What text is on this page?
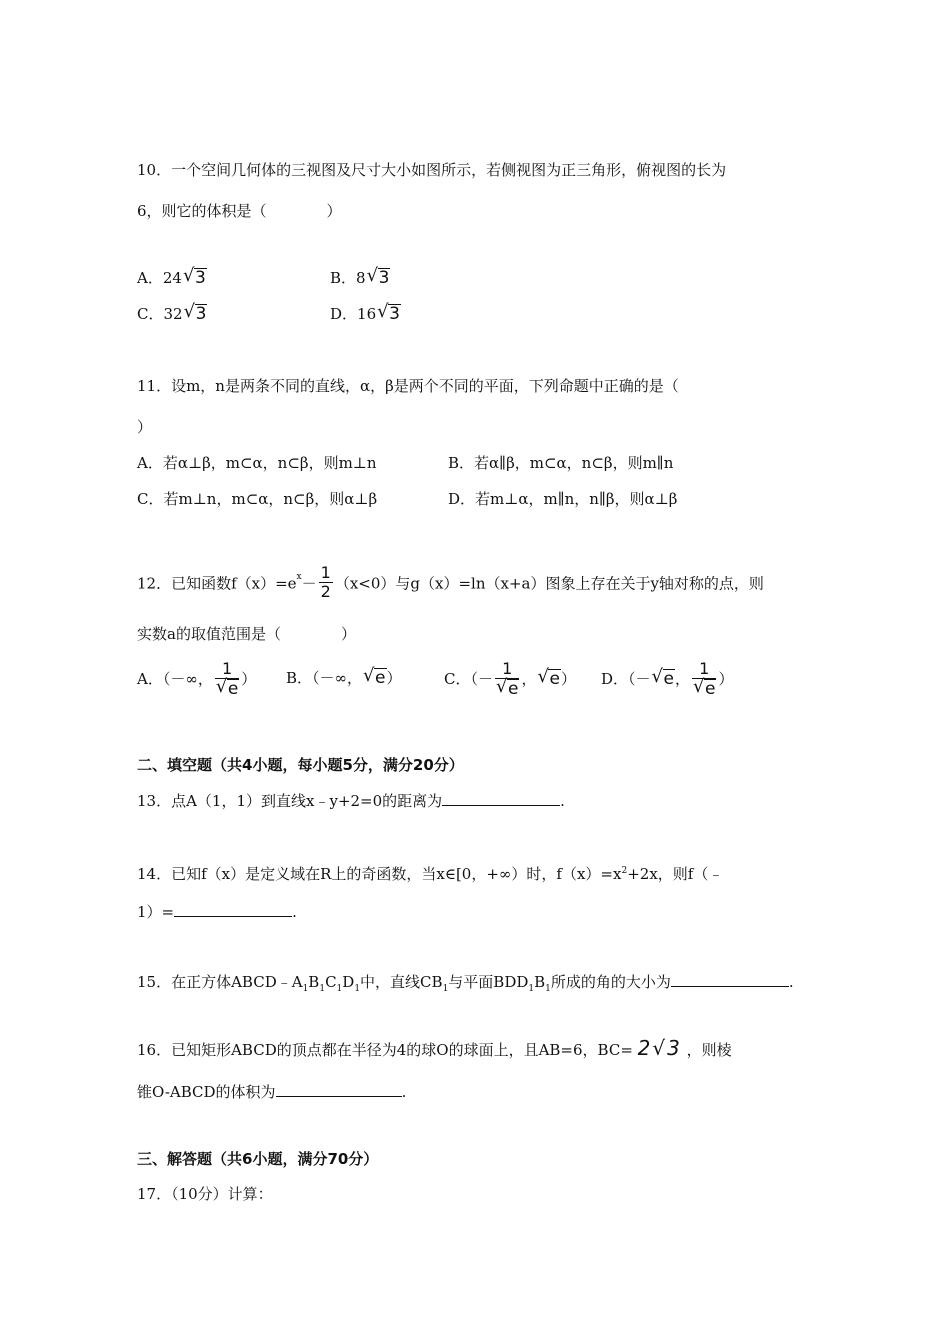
10．一个空间几何体的三视图及尺寸大小如图所示，若侧视图为正三角形，俯视图的长为
6，则它的体积是（　　　　）
A．24 √ 3	B．8 √ 3
C．32 √ 3	D．16 √ 3
11．设m，n是两条不同的直线，α，β是两个不同的平面，下列命题中正确的是（
）
A．若α⊥β，m⊂α，n⊂β，则m⊥n	B．若α∥β，m⊂α，n⊂β，则m∥n
C．若m⊥n，m⊂α，n⊂β，则α⊥β	D．若m⊥α，m∥n，n∥β，则α⊥β
12．已知函数$f(x)=e^x- \frac{1}{2} (x<0)$与g（x）=ln（x+a）图象上存在关于y轴对称的点，则
实数a的取值范围是（　　　　）
A．（－∞， $\frac{1}{√ e}$ ） B．（－∞， √ e）	C．（－ $\frac{1}{√ e}$ ， √ e） D．（－ √ e， $\frac{1}{√ e}$ ）
二、填空题（共4小题，每小题5分，满分20分）
13．点A（1，1）到直线x﹣y+2=0的距离为	.
14．已知f（x）是定义域在R上的奇函数，当x∈[0，+∞）时，$f(x)=x^2+2x$，则f（﹣
1）=	.
15．在正方体$ABCD﹣A_1B_1C_1D_1$中，直线$CB_1$与平面$BDD_1B_1$所成的角的大小为	.
16．已知矩形ABCD的顶点都在半径为4的球O的球面上，且AB=6，BC= 2√3 ，则棱
锥O-ABCD的体积为	.
三、解答题（共6小题，满分70分）
17．（10分）计算：
